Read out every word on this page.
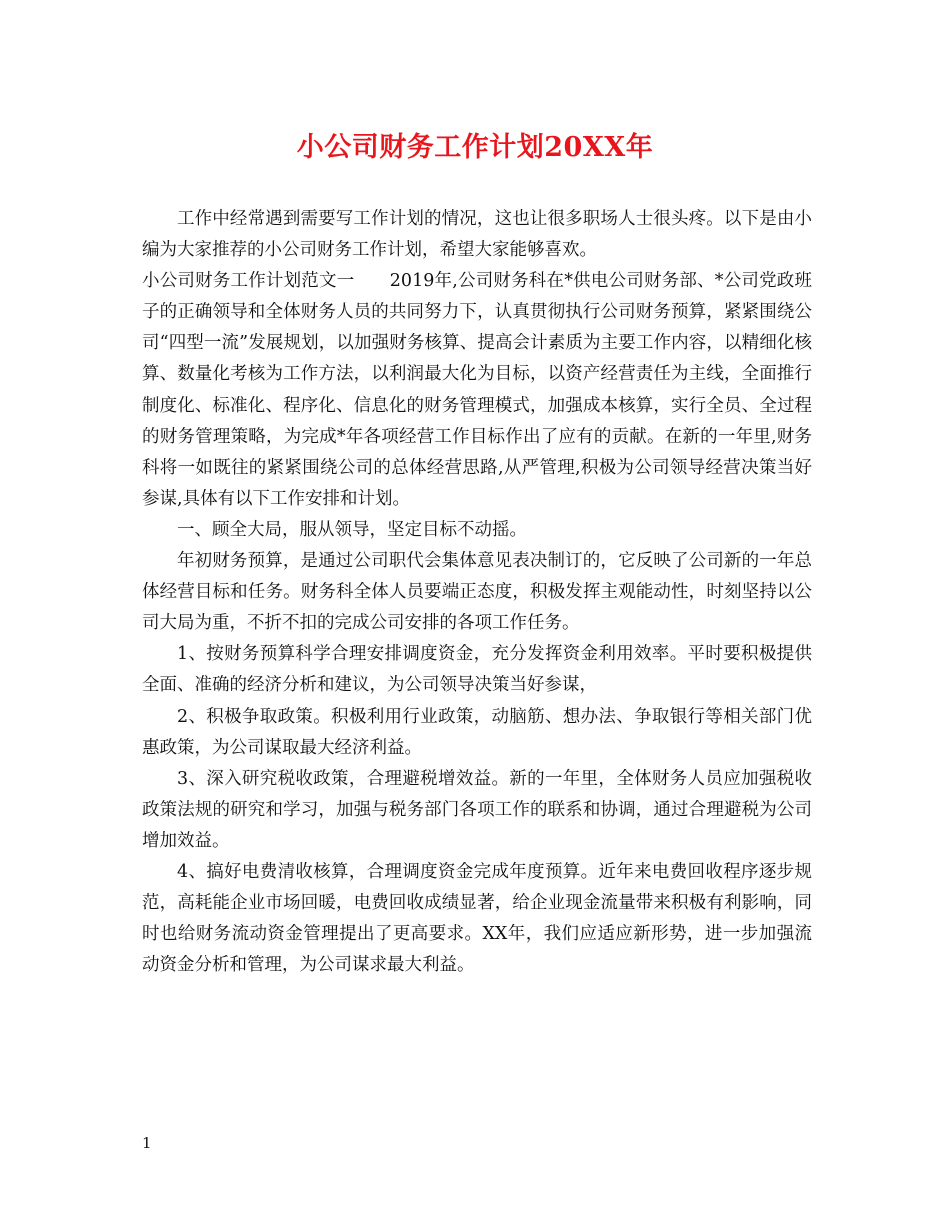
小公司财务工作计划20XX年

工作中经常遇到需要写工作计划的情况，这也让很多职场人士很头疼。以下是由小编为大家推荐的小公司财务工作计划，希望大家能够喜欢。

小公司财务工作计划范文一　　2019年,公司财务科在*供电公司财务部、*公司党政班子的正确领导和全体财务人员的共同努力下，认真贯彻执行公司财务预算，紧紧围绕公司“四型一流”发展规划，以加强财务核算、提高会计素质为主要工作内容，以精细化核算、数量化考核为工作方法，以利润最大化为目标，以资产经营责任为主线，全面推行制度化、标准化、程序化、信息化的财务管理模式，加强成本核算，实行全员、全过程的财务管理策略，为完成*年各项经营工作目标作出了应有的贡献。在新的一年里,财务科将一如既往的紧紧围绕公司的总体经营思路,从严管理,积极为公司领导经营决策当好参谋,具体有以下工作安排和计划。

一、顾全大局，服从领导，坚定目标不动摇。

年初财务预算，是通过公司职代会集体意见表决制订的，它反映了公司新的一年总体经营目标和任务。财务科全体人员要端正态度，积极发挥主观能动性，时刻坚持以公司大局为重，不折不扣的完成公司安排的各项工作任务。

1、按财务预算科学合理安排调度资金，充分发挥资金利用效率。平时要积极提供全面、准确的经济分析和建议，为公司领导决策当好参谋，

2、积极争取政策。积极利用行业政策，动脑筋、想办法、争取银行等相关部门优惠政策，为公司谋取最大经济利益。

3、深入研究税收政策，合理避税增效益。新的一年里，全体财务人员应加强税收政策法规的研究和学习，加强与税务部门各项工作的联系和协调，通过合理避税为公司增加效益。

4、搞好电费清收核算，合理调度资金完成年度预算。近年来电费回收程序逐步规范，高耗能企业市场回暖，电费回收成绩显著，给企业现金流量带来积极有利影响，同时也给财务流动资金管理提出了更高要求。XX年，我们应适应新形势，进一步加强流动资金分析和管理，为公司谋求最大利益。

1
